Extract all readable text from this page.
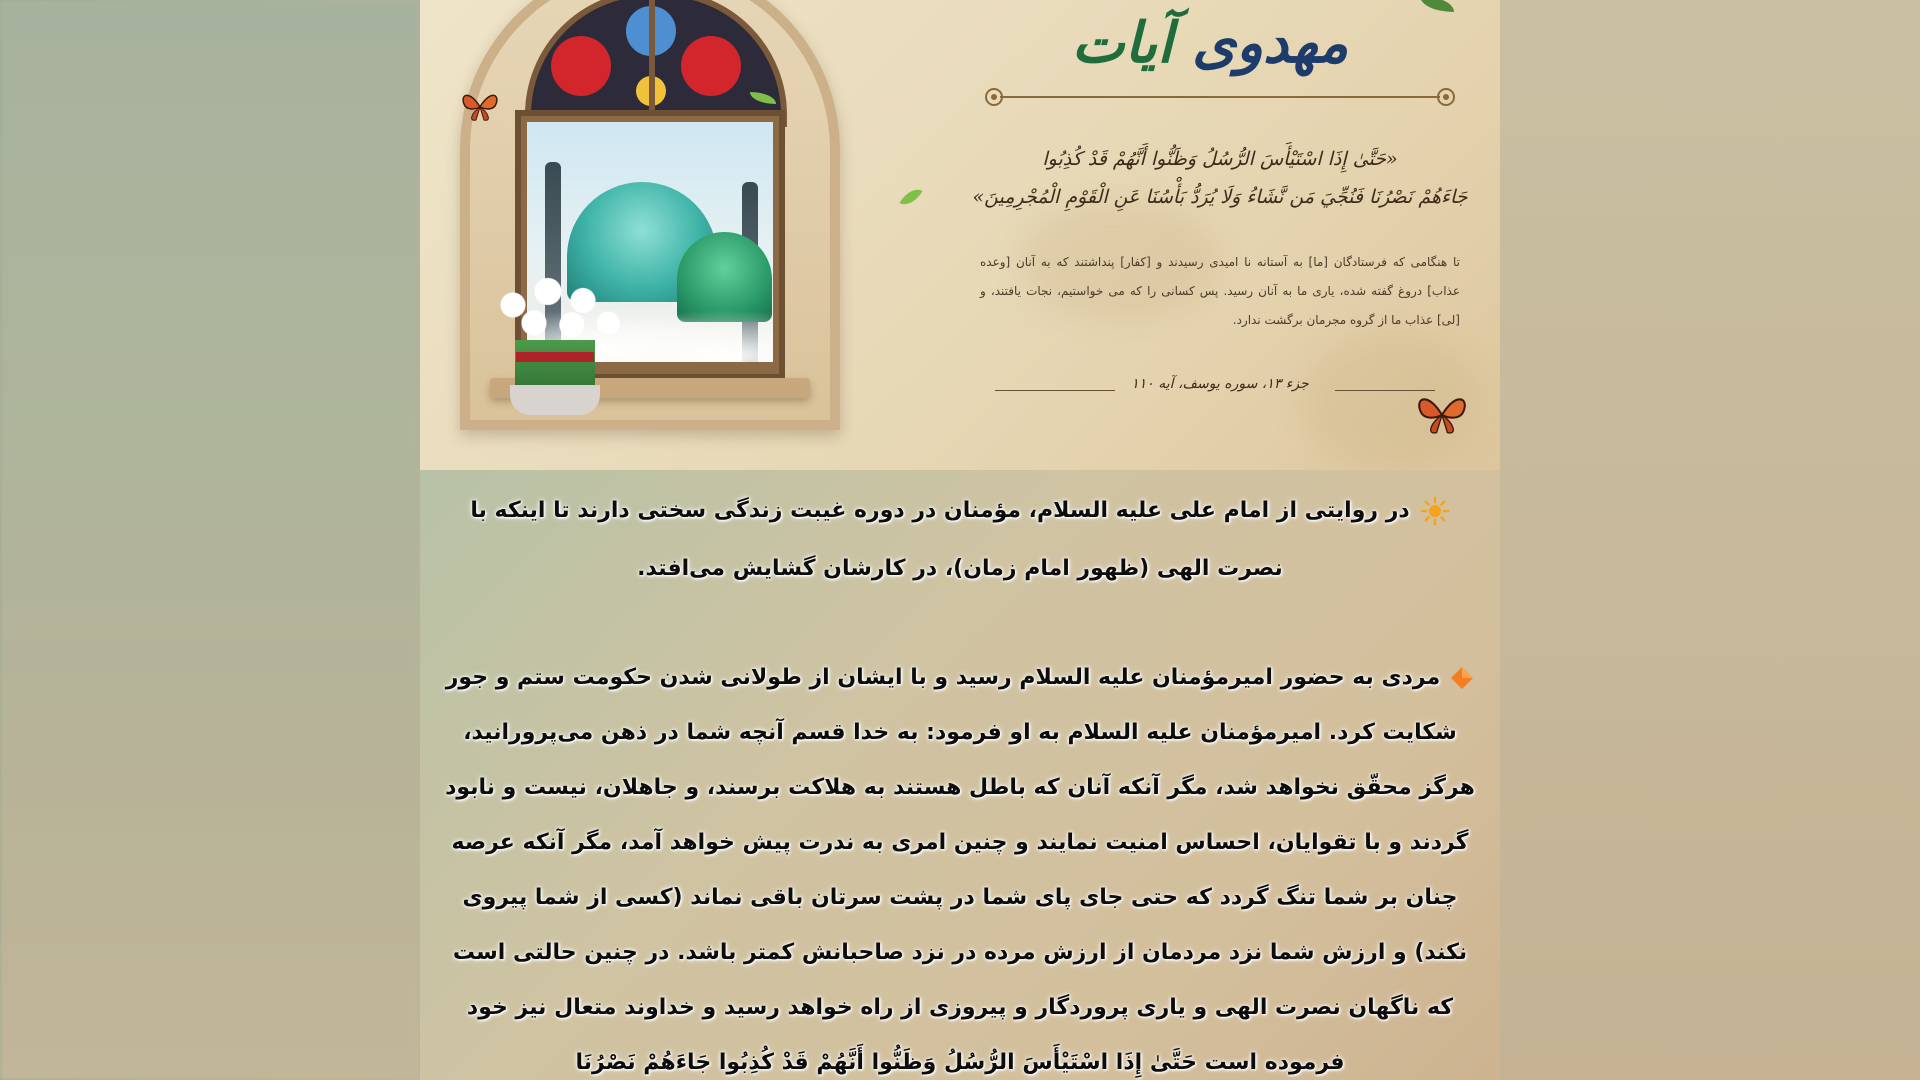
مهدوی آیات
«حَتَّىٰ إِذَا اسْتَيْأَسَ الرُّسُلُ وَظَنُّوا أَنَّهُمْ قَدْ كُذِبُوا
جَاءَهُمْ نَصْرُنَا فَنُجِّيَ مَن نَّشَاءُ وَلَا يُرَدُّ بَأْسُنَا عَنِ الْقَوْمِ الْمُجْرِمِينَ»
تا هنگامی که فرستادگان [ما] به آستانه نا امیدی رسیدند و [کفار] پنداشتند که به آنان [وعده عذاب] دروغ گفته شده، یاری ما به آنان رسید. پس کسانی را که می خواستیم، نجات یافتند، و [لی] عذاب ما از گروه مجرمان برگشت ندارد.
جزء ۱۳، سوره یوسف، آیه ۱۱۰
در روایتی از امام علی علیه السلام، مؤمنان در دوره غیبت زندگی سختی دارند تا اینکه با نصرت الهی (ظهور امام زمان)، در کارشان گشایش می‌افتد.
مردی به حضور امیرمؤمنان علیه السلام رسید و با ایشان از طولانی شدن حکومت ستم و جور شکایت کرد. امیرمؤمنان علیه السلام به او فرمود: به خدا قسم آنچه شما در ذهن می‌پرورانید، هرگز محقّق نخواهد شد، مگر آنکه آنان که باطل هستند به هلاکت برسند، و جاهلان، نیست و نابود گردند و با تقوایان، احساس امنیت نمایند و چنین امری به ندرت پیش خواهد آمد، مگر آنکه عرصه چنان بر شما تنگ گردد که حتی جای پای شما در پشت سرتان باقی نماند (کسی از شما پیروی نکند) و ارزش شما نزد مردمان از ارزش مرده در نزد صاحبانش کمتر باشد. در چنین حالتی است که ناگهان نصرت الهی و یاری پروردگار و پیروزی از راه خواهد رسید و خداوند متعال نیز خود فرموده است حَتَّىٰ إِذَا اسْتَيْأَسَ الرُّسُلُ وَظَنُّوا أَنَّهُمْ قَدْ كُذِبُوا جَاءَهُمْ نَصْرُنَا
